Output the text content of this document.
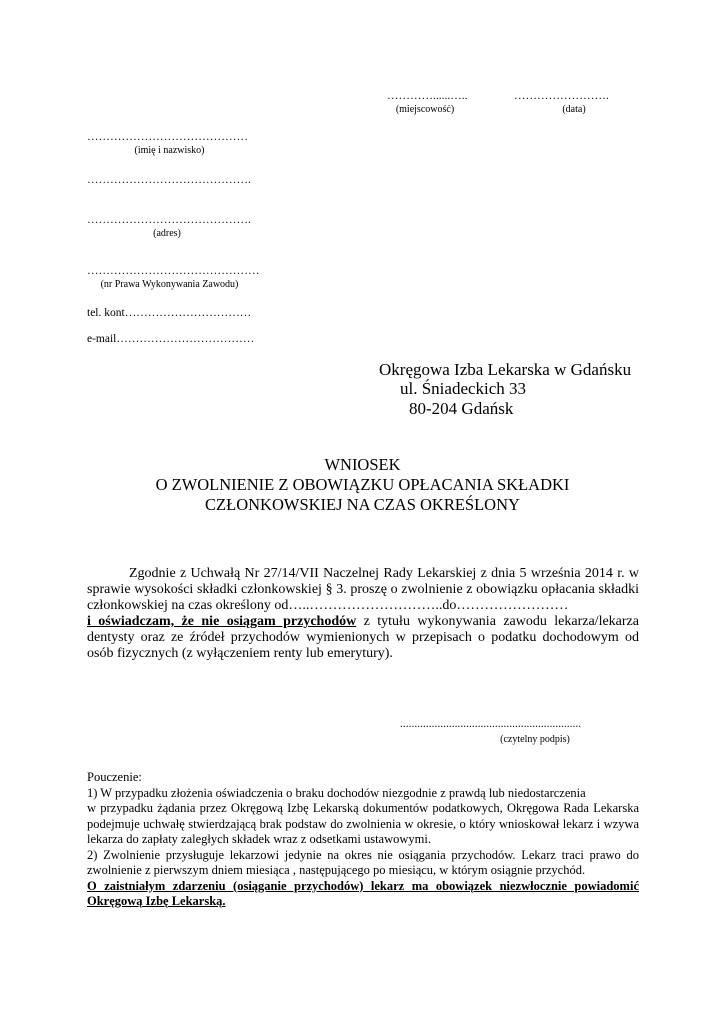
…………......…..
(miejscowość)
…………………….
(data)
……………………………………
(imię i nazwisko)
…………………………………….
…………………………………….
(adres)
………………………………………
(nr Prawa Wykonywania Zawodu)
tel. kont……………………………
e-mail………………………………
Okręgowa Izba Lekarska w Gdańsku
ul. Śniadeckich 33
80-204 Gdańsk
WNIOSEK
O ZWOLNIENIE Z OBOWIĄZKU OPŁACANIA SKŁADKI
CZŁONKOWSKIEJ NA CZAS OKREŚLONY

Zgodnie z Uchwałą Nr 27/14/VII Naczelnej Rady Lekarskiej z dnia 5 września 2014 r. w sprawie wysokości składki członkowskiej § 3. proszę o zwolnienie z obowiązku opłacania składki członkowskiej na czas określony od…..………………………..do……………………

i oświadczam, że nie osiągam przychodów z tytułu wykonywania zawodu lekarza/lekarza dentysty oraz ze źródeł przychodów wymienionych w przepisach o podatku dochodowym od osób fizycznych (z wyłączeniem renty lub emerytury).

...............................................................
(czytelny podpis)

Pouczenie:

1) W przypadku złożenia oświadczenia o braku dochodów niezgodnie z prawdą lub niedostarczenia

w przypadku żądania przez Okręgową Izbę Lekarską dokumentów podatkowych, Okręgowa Rada Lekarska podejmuje uchwałę stwierdzającą brak podstaw do zwolnienia w okresie, o który wnioskował lekarz i wzywa lekarza do zapłaty zaległych składek wraz z odsetkami ustawowymi.

2) Zwolnienie przysługuje lekarzowi jedynie na okres nie osiągania przychodów. Lekarz traci prawo do zwolnienie z pierwszym dniem miesiąca , następującego po miesiącu, w którym osiągnie przychód.

O zaistniałym zdarzeniu (osiąganie przychodów) lekarz ma obowiązek niezwłocznie powiadomić Okręgową Izbę Lekarską.
